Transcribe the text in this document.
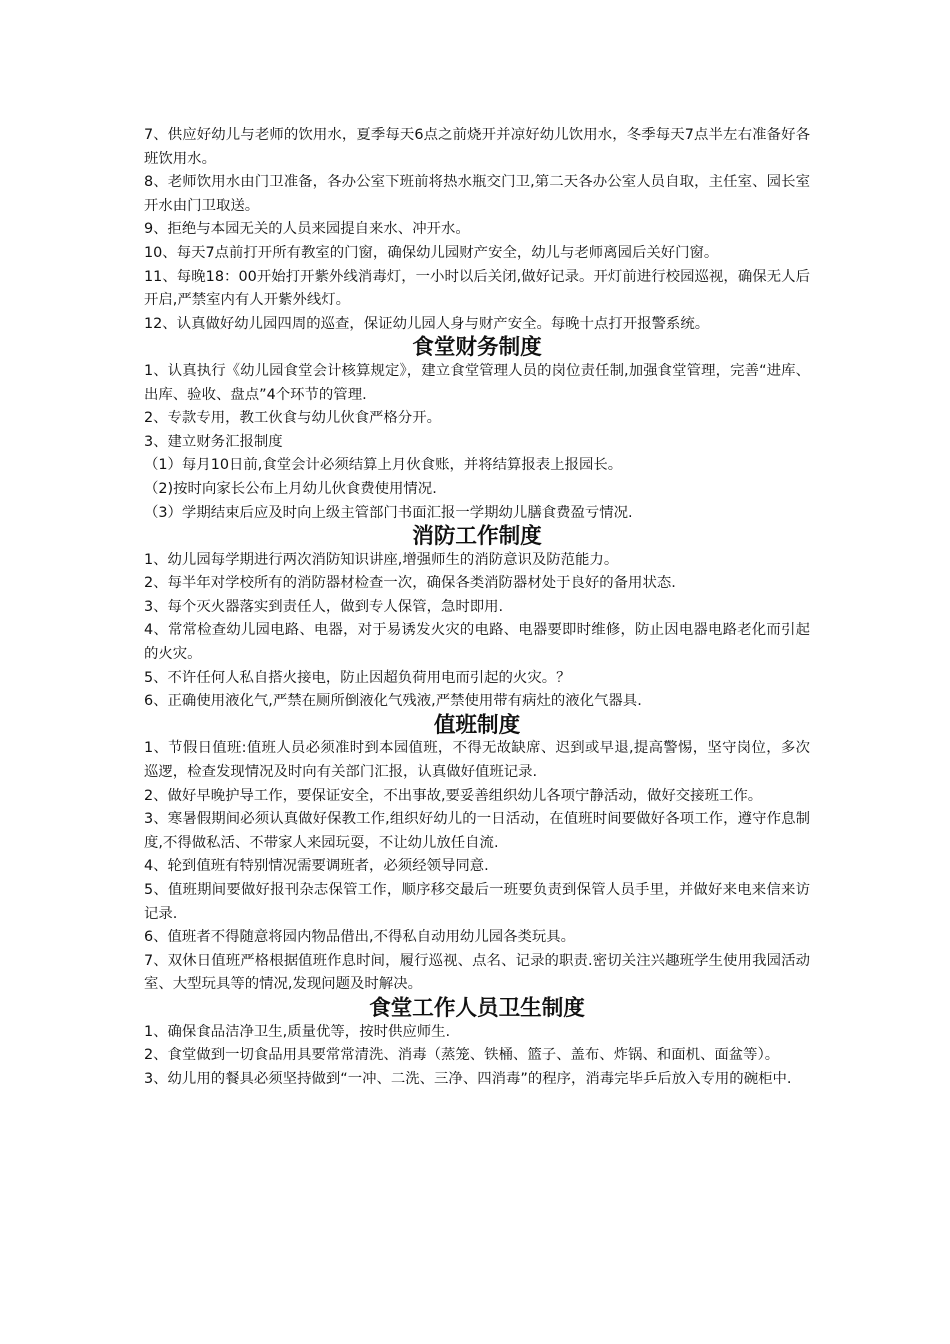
7、供应好幼儿与老师的饮用水，夏季每天6点之前烧开并凉好幼儿饮用水，冬季每天7点半左右准备好各班饮用水。

8、老师饮用水由门卫准备，各办公室下班前将热水瓶交门卫,第二天各办公室人员自取，主任室、园长室开水由门卫取送。

9、拒绝与本园无关的人员来园提自来水、冲开水。

10、每天7点前打开所有教室的门窗，确保幼儿园财产安全，幼儿与老师离园后关好门窗。

11、每晚18：00开始打开紫外线消毒灯，一小时以后关闭,做好记录。开灯前进行校园巡视，确保无人后开启,严禁室内有人开紫外线灯。

12、认真做好幼儿园四周的巡查，保证幼儿园人身与财产安全。每晚十点打开报警系统。

食堂财务制度

1、认真执行《幼儿园食堂会计核算规定》，建立食堂管理人员的岗位责任制,加强食堂管理，完善“进库、出库、验收、盘点”4个环节的管理.

2、专款专用，教工伙食与幼儿伙食严格分开。

3、建立财务汇报制度

（1）每月10日前,食堂会计必须结算上月伙食账，并将结算报表上报园长。

（2)按时向家长公布上月幼儿伙食费使用情况.

（3）学期结束后应及时向上级主管部门书面汇报一学期幼儿膳食费盈亏情况.

消防工作制度

1、幼儿园每学期进行两次消防知识讲座,增强师生的消防意识及防范能力。

2、每半年对学校所有的消防器材检查一次，确保各类消防器材处于良好的备用状态.

3、每个灭火器落实到责任人，做到专人保管，急时即用.

4、常常检查幼儿园电路、电器，对于易诱发火灾的电路、电器要即时维修，防止因电器电路老化而引起的火灾。

5、不许任何人私自搭火接电，防止因超负荷用电而引起的火灾。？

6、正确使用液化气,严禁在厕所倒液化气残液,严禁使用带有病灶的液化气器具.

值班制度

1、节假日值班:值班人员必须准时到本园值班，不得无故缺席、迟到或早退,提高警惕，坚守岗位，多次巡逻，检查发现情况及时向有关部门汇报，认真做好值班记录.

2、做好早晚护导工作，要保证安全，不出事故,要妥善组织幼儿各项宁静活动，做好交接班工作。

3、寒暑假期间必须认真做好保教工作,组织好幼儿的一日活动，在值班时间要做好各项工作，遵守作息制度,不得做私活、不带家人来园玩耍，不让幼儿放任自流.

4、轮到值班有特别情况需要调班者，必须经领导同意.

5、值班期间要做好报刊杂志保管工作，顺序移交最后一班要负责到保管人员手里，并做好来电来信来访记录.

6、值班者不得随意将园内物品借出,不得私自动用幼儿园各类玩具。

7、双休日值班严格根据值班作息时间，履行巡视、点名、记录的职责.密切关注兴趣班学生使用我园活动室、大型玩具等的情况,发现问题及时解决。

食堂工作人员卫生制度

1、确保食品洁净卫生,质量优等，按时供应师生.

2、食堂做到一切食品用具要常常清洗、消毒（蒸笼、铁桶、篮子、盖布、炸锅、和面机、面盆等）。

3、幼儿用的餐具必须坚持做到“一冲、二洗、三净、四消毒”的程序，消毒完毕乒后放入专用的碗柜中.
